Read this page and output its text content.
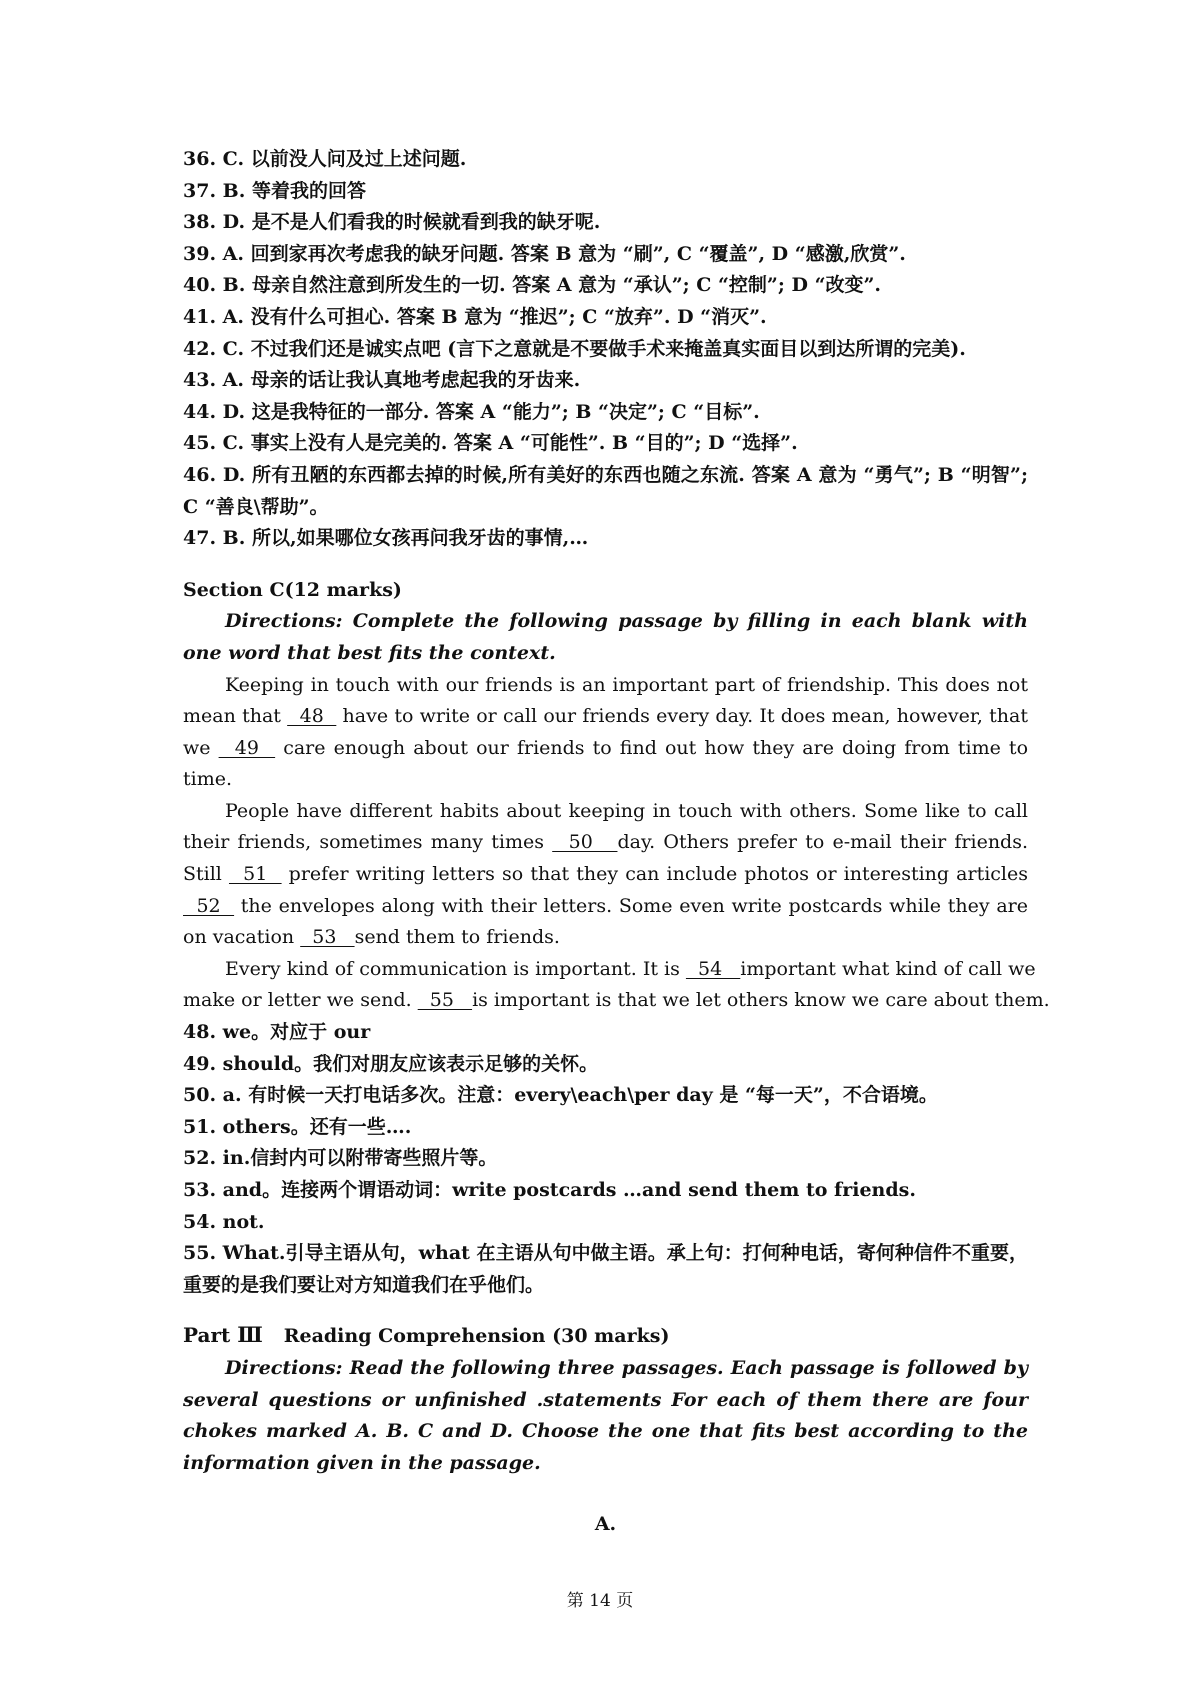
36. C. 以前没人问及过上述问题.
37. B. 等着我的回答
38. D. 是不是人们看我的时候就看到我的缺牙呢.
39. A. 回到家再次考虑我的缺牙问题. 答案 B 意为 “刷”, C “覆盖”, D “感激,欣赏”.
40. B. 母亲自然注意到所发生的一切. 答案 A 意为 “承认”; C “控制”; D “改变”.
41. A. 没有什么可担心. 答案 B 意为 “推迟”; C “放弃”. D “消灭”.
42. C. 不过我们还是诚实点吧 (言下之意就是不要做手术来掩盖真实面目以到达所谓的完美).
43. A. 母亲的话让我认真地考虑起我的牙齿来.
44. D. 这是我特征的一部分. 答案 A “能力”; B “决定”; C “目标”.
45. C. 事实上没有人是完美的. 答案 A “可能性”. B “目的”; D “选择”.
46. D. 所有丑陋的东西都去掉的时候,所有美好的东西也随之东流. 答案 A 意为 “勇气”; B “明智”; C “善良\帮助”。
47. B. 所以,如果哪位女孩再问我牙齿的事情,…
Section C(12 marks)
Directions: Complete the following passage by filling in each blank with one word that best fits the context.
Keeping in touch with our friends is an important part of friendship. This does not mean that   48   have to write or call our friends every day. It does mean, however, that we   49   care enough about our friends to find out how they are doing from time to time.
People have different habits about keeping in touch with others. Some like to call their friends, sometimes many times   50   day. Others prefer to e-mail their friends. Still   51   prefer writing letters so that they can include photos or interesting articles   52   the envelopes along with their letters. Some even write postcards while they are on vacation   53   send them to friends.
Every kind of communication is important. It is   54   important what kind of call we
make or letter we send.   55   is important is that we let others know we care about them.
48. we。对应于 our
49. should。我们对朋友应该表示足够的关怀。
50. a. 有时候一天打电话多次。注意：every\each\per day 是 “每一天”，不合语境。
51. others。还有一些….
52. in.信封内可以附带寄些照片等。
53. and。连接两个谓语动词：write postcards …and send them to friends.
54. not.
55. What.引导主语从句，what 在主语从句中做主语。承上句：打何种电话，寄何种信件不重要，重要的是我们要让对方知道我们在乎他们。
Part Ⅲ Reading Comprehension (30 marks)
Directions: Read the following three passages. Each passage is followed by several questions or unfinished .statements For each of them there are four chokes marked A. B. C and D. Choose the one that fits best according to the information given in the passage.
A.
第 14 页
